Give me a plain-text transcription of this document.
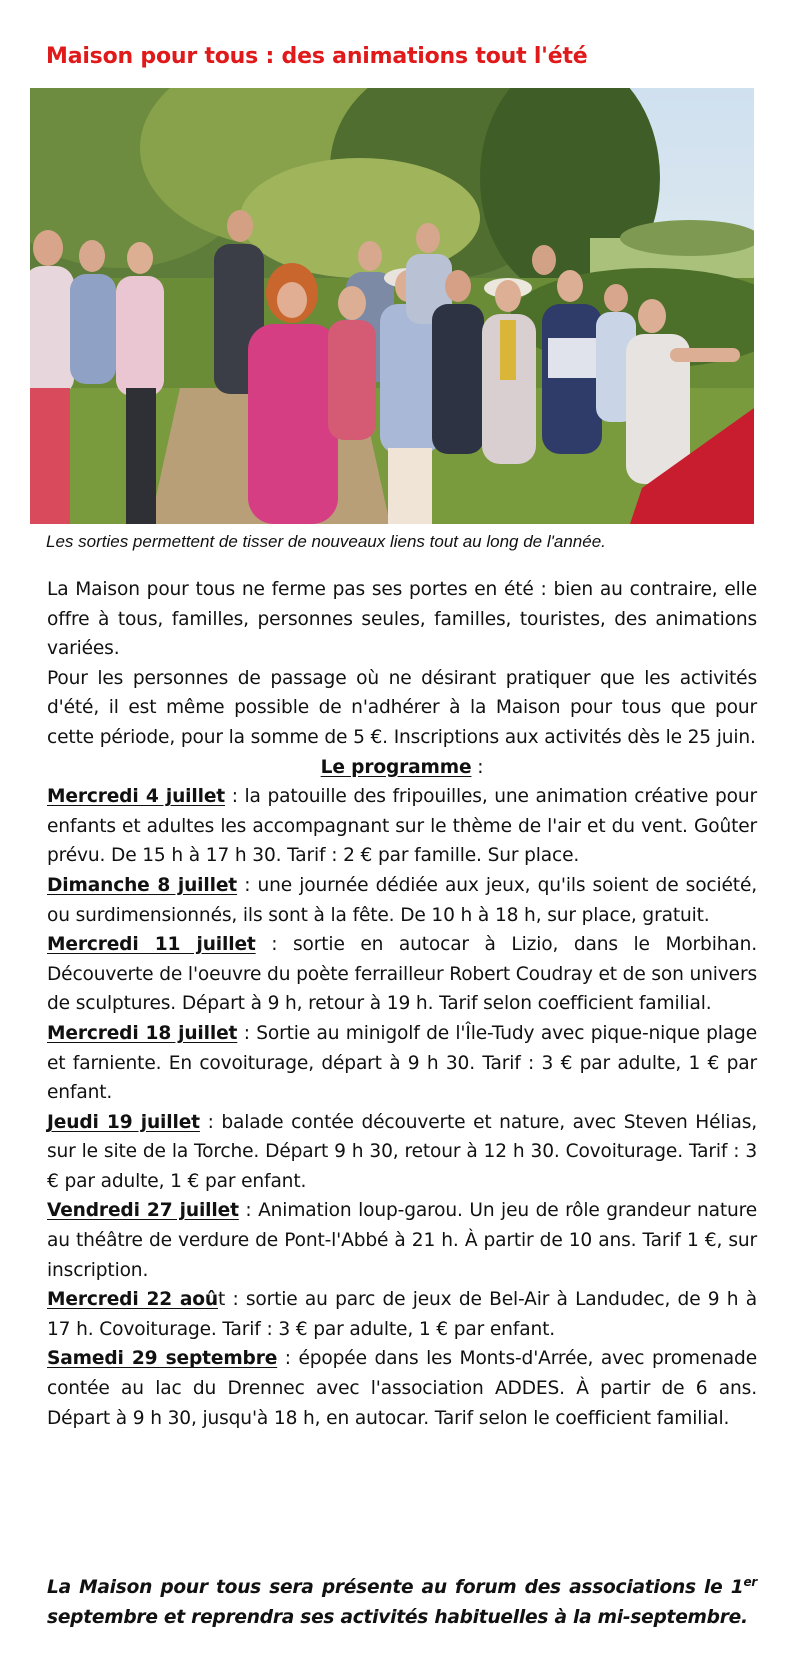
Maison pour tous : des animations tout l'été
Les sorties permettent de tisser de nouveaux liens tout au long de l'année.

La Maison pour tous ne ferme pas ses portes en été : bien au contraire, elle offre à tous, familles, personnes seules, familles, touristes, des animations variées.

Pour les personnes de passage où ne désirant pratiquer que les activités d'été, il est même possible de n'adhérer à la Maison pour tous que pour cette période, pour la somme de 5 €. Inscriptions aux activités dès le 25 juin.

Le programme :

Mercredi 4 juillet : la patouille des fripouilles, une animation créative pour enfants et adultes les accompagnant sur le thème de l'air et du vent. Goûter prévu. De 15 h à 17 h 30. Tarif : 2 € par famille. Sur place.

Dimanche 8 juillet : une journée dédiée aux jeux, qu'ils soient de société, ou surdimensionnés, ils sont à la fête. De 10 h à 18 h, sur place, gratuit.

Mercredi 11 juillet : sortie en autocar à Lizio, dans le Morbihan. Découverte de l'oeuvre du poète ferrailleur Robert Coudray et de son univers de sculptures. Départ à 9 h, retour à 19 h. Tarif selon coefficient familial.

Mercredi 18 juillet : Sortie au minigolf de l'Île-Tudy avec pique-nique plage et farniente. En covoiturage, départ à 9 h 30. Tarif : 3 € par adulte, 1 € par enfant.

Jeudi 19 juillet : balade contée découverte et nature, avec Steven Hélias, sur le site de la Torche. Départ 9 h 30, retour à 12 h 30. Covoiturage. Tarif : 3 € par adulte, 1 € par enfant.

Vendredi 27 juillet : Animation loup-garou. Un jeu de rôle grandeur nature au théâtre de verdure de Pont-l'Abbé à 21 h. À partir de 10 ans. Tarif 1 €, sur inscription.

Mercredi 22 août : sortie au parc de jeux de Bel-Air à Landudec, de 9 h à 17 h. Covoiturage. Tarif : 3 € par adulte, 1 € par enfant.

Samedi 29 septembre : épopée dans les Monts-d'Arrée, avec promenade contée au lac du Drennec avec l'association ADDES. À partir de 6 ans. Départ à 9 h 30, jusqu'à 18 h, en autocar. Tarif selon le coefficient familial.

La Maison pour tous sera présente au forum des associations le 1er septembre et reprendra ses activités habituelles à la mi-septembre.
